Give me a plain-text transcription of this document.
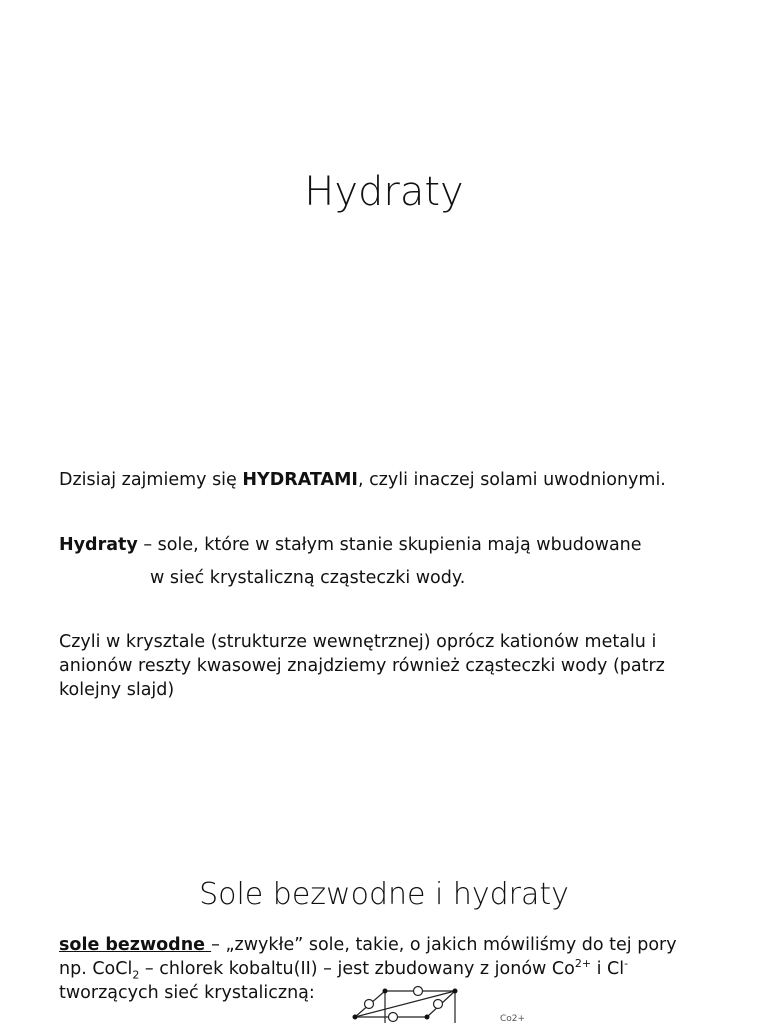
Hydraty

Dzisiaj zajmiemy się HYDRATAMI, czyli inaczej solami uwodnionymi.

Hydraty – sole, które w stałym stanie skupienia mają wbudowane

w sieć krystaliczną cząsteczki wody.

Czyli w krysztale (strukturze wewnętrznej) oprócz kationów metalu i anionów reszty kwasowej znajdziemy również cząsteczki wody (patrz kolejny slajd)

Sole bezwodne i hydraty

sole bezwodne – „zwykłe” sole, takie, o jakich mówiliśmy do tej pory
np. CoCl$_2$ – chlorek kobaltu(II) – jest zbudowany z jonów $Co^{2+}$ i Cl-
tworzących sieć krystaliczną:

Co2+
